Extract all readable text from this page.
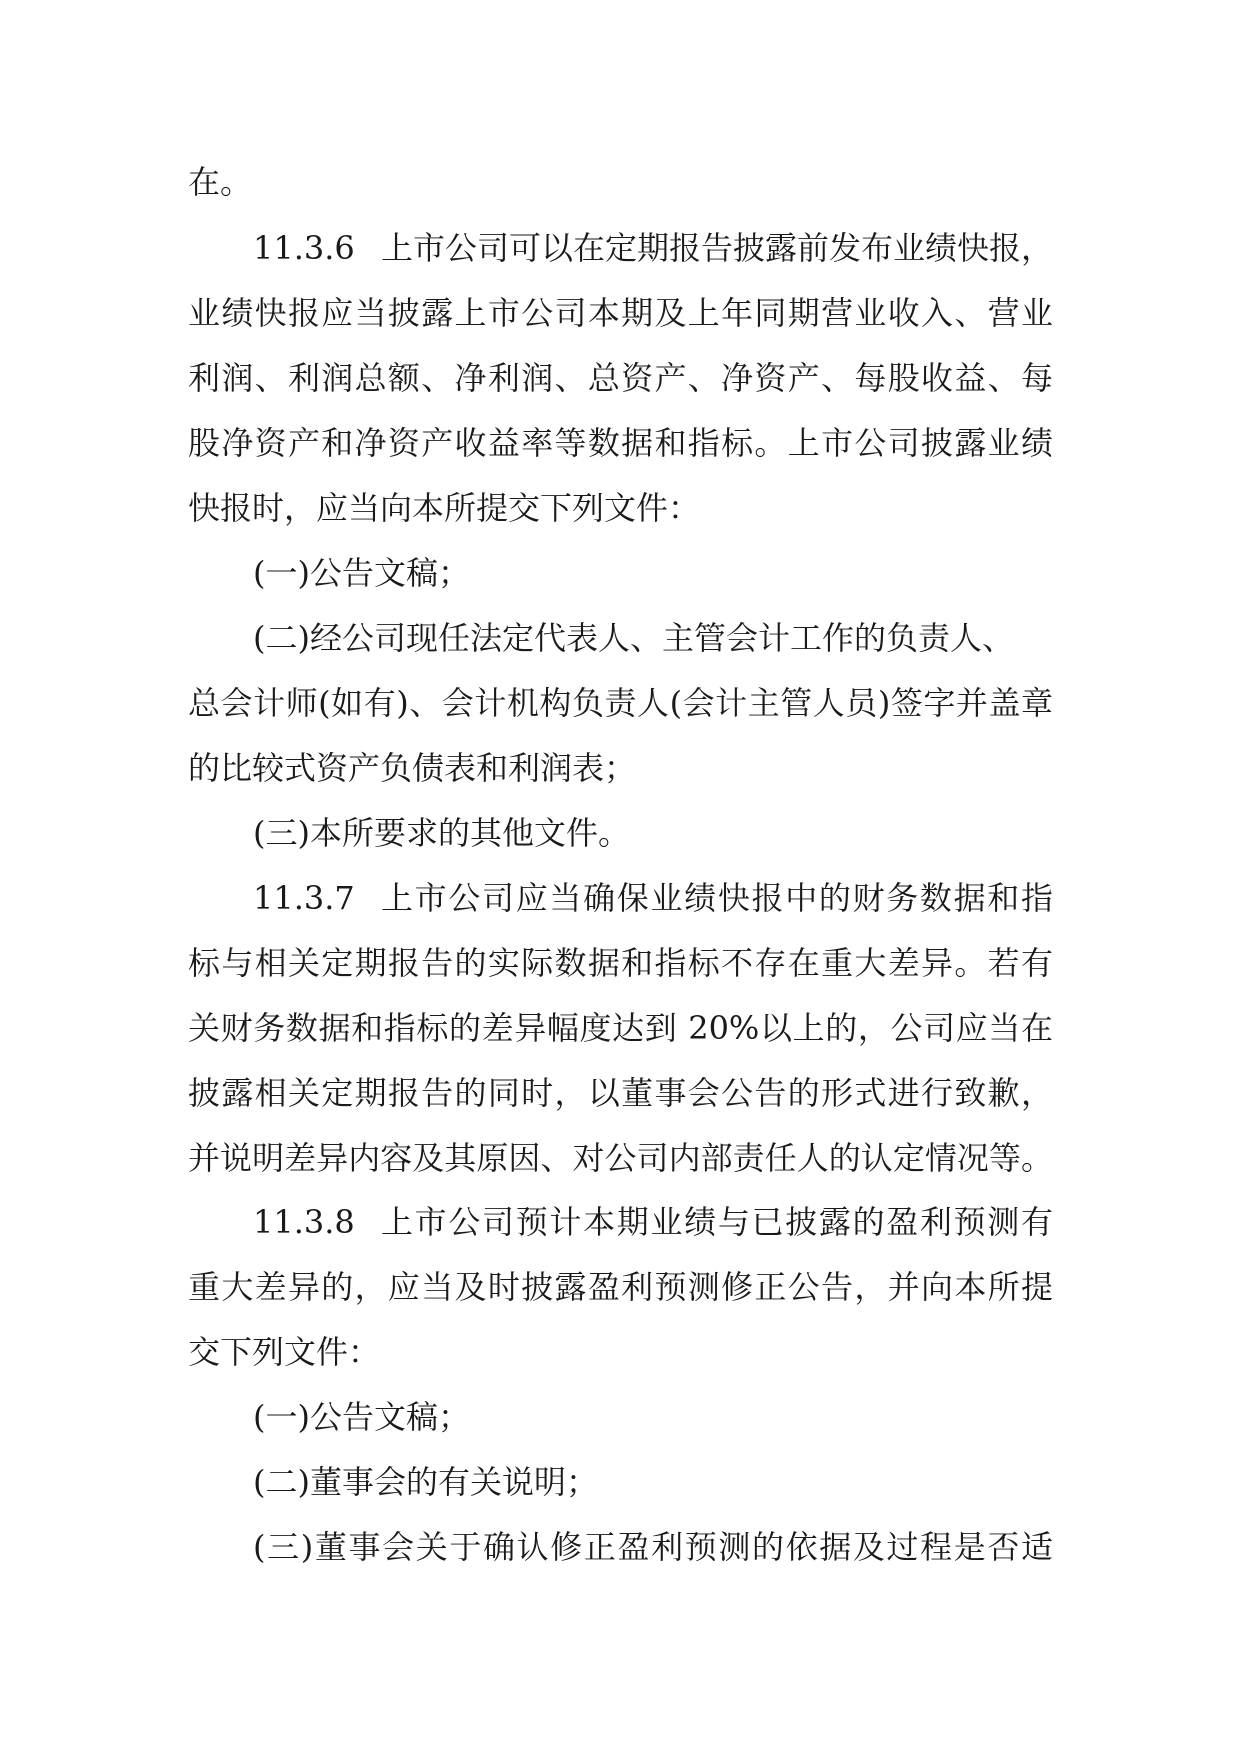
在。
11.3.6 上市公司可以在定期报告披露前发布业绩快报，
业绩快报应当披露上市公司本期及上年同期营业收入、营业
利润、利润总额、净利润、总资产、净资产、每股收益、每
股净资产和净资产收益率等数据和指标。上市公司披露业绩
快报时，应当向本所提交下列文件：
(一)公告文稿；
(二)经公司现任法定代表人、主管会计工作的负责人、
总会计师(如有)、会计机构负责人(会计主管人员)签字并盖章
的比较式资产负债表和利润表；
(三)本所要求的其他文件。
11.3.7 上市公司应当确保业绩快报中的财务数据和指
标与相关定期报告的实际数据和指标不存在重大差异。若有
关财务数据和指标的差异幅度达到 20%以上的，公司应当在
披露相关定期报告的同时，以董事会公告的形式进行致歉，
并说明差异内容及其原因、对公司内部责任人的认定情况等。
11.3.8 上市公司预计本期业绩与已披露的盈利预测有
重大差异的，应当及时披露盈利预测修正公告，并向本所提
交下列文件：
(一)公告文稿；
(二)董事会的有关说明；
(三)董事会关于确认修正盈利预测的依据及过程是否适
